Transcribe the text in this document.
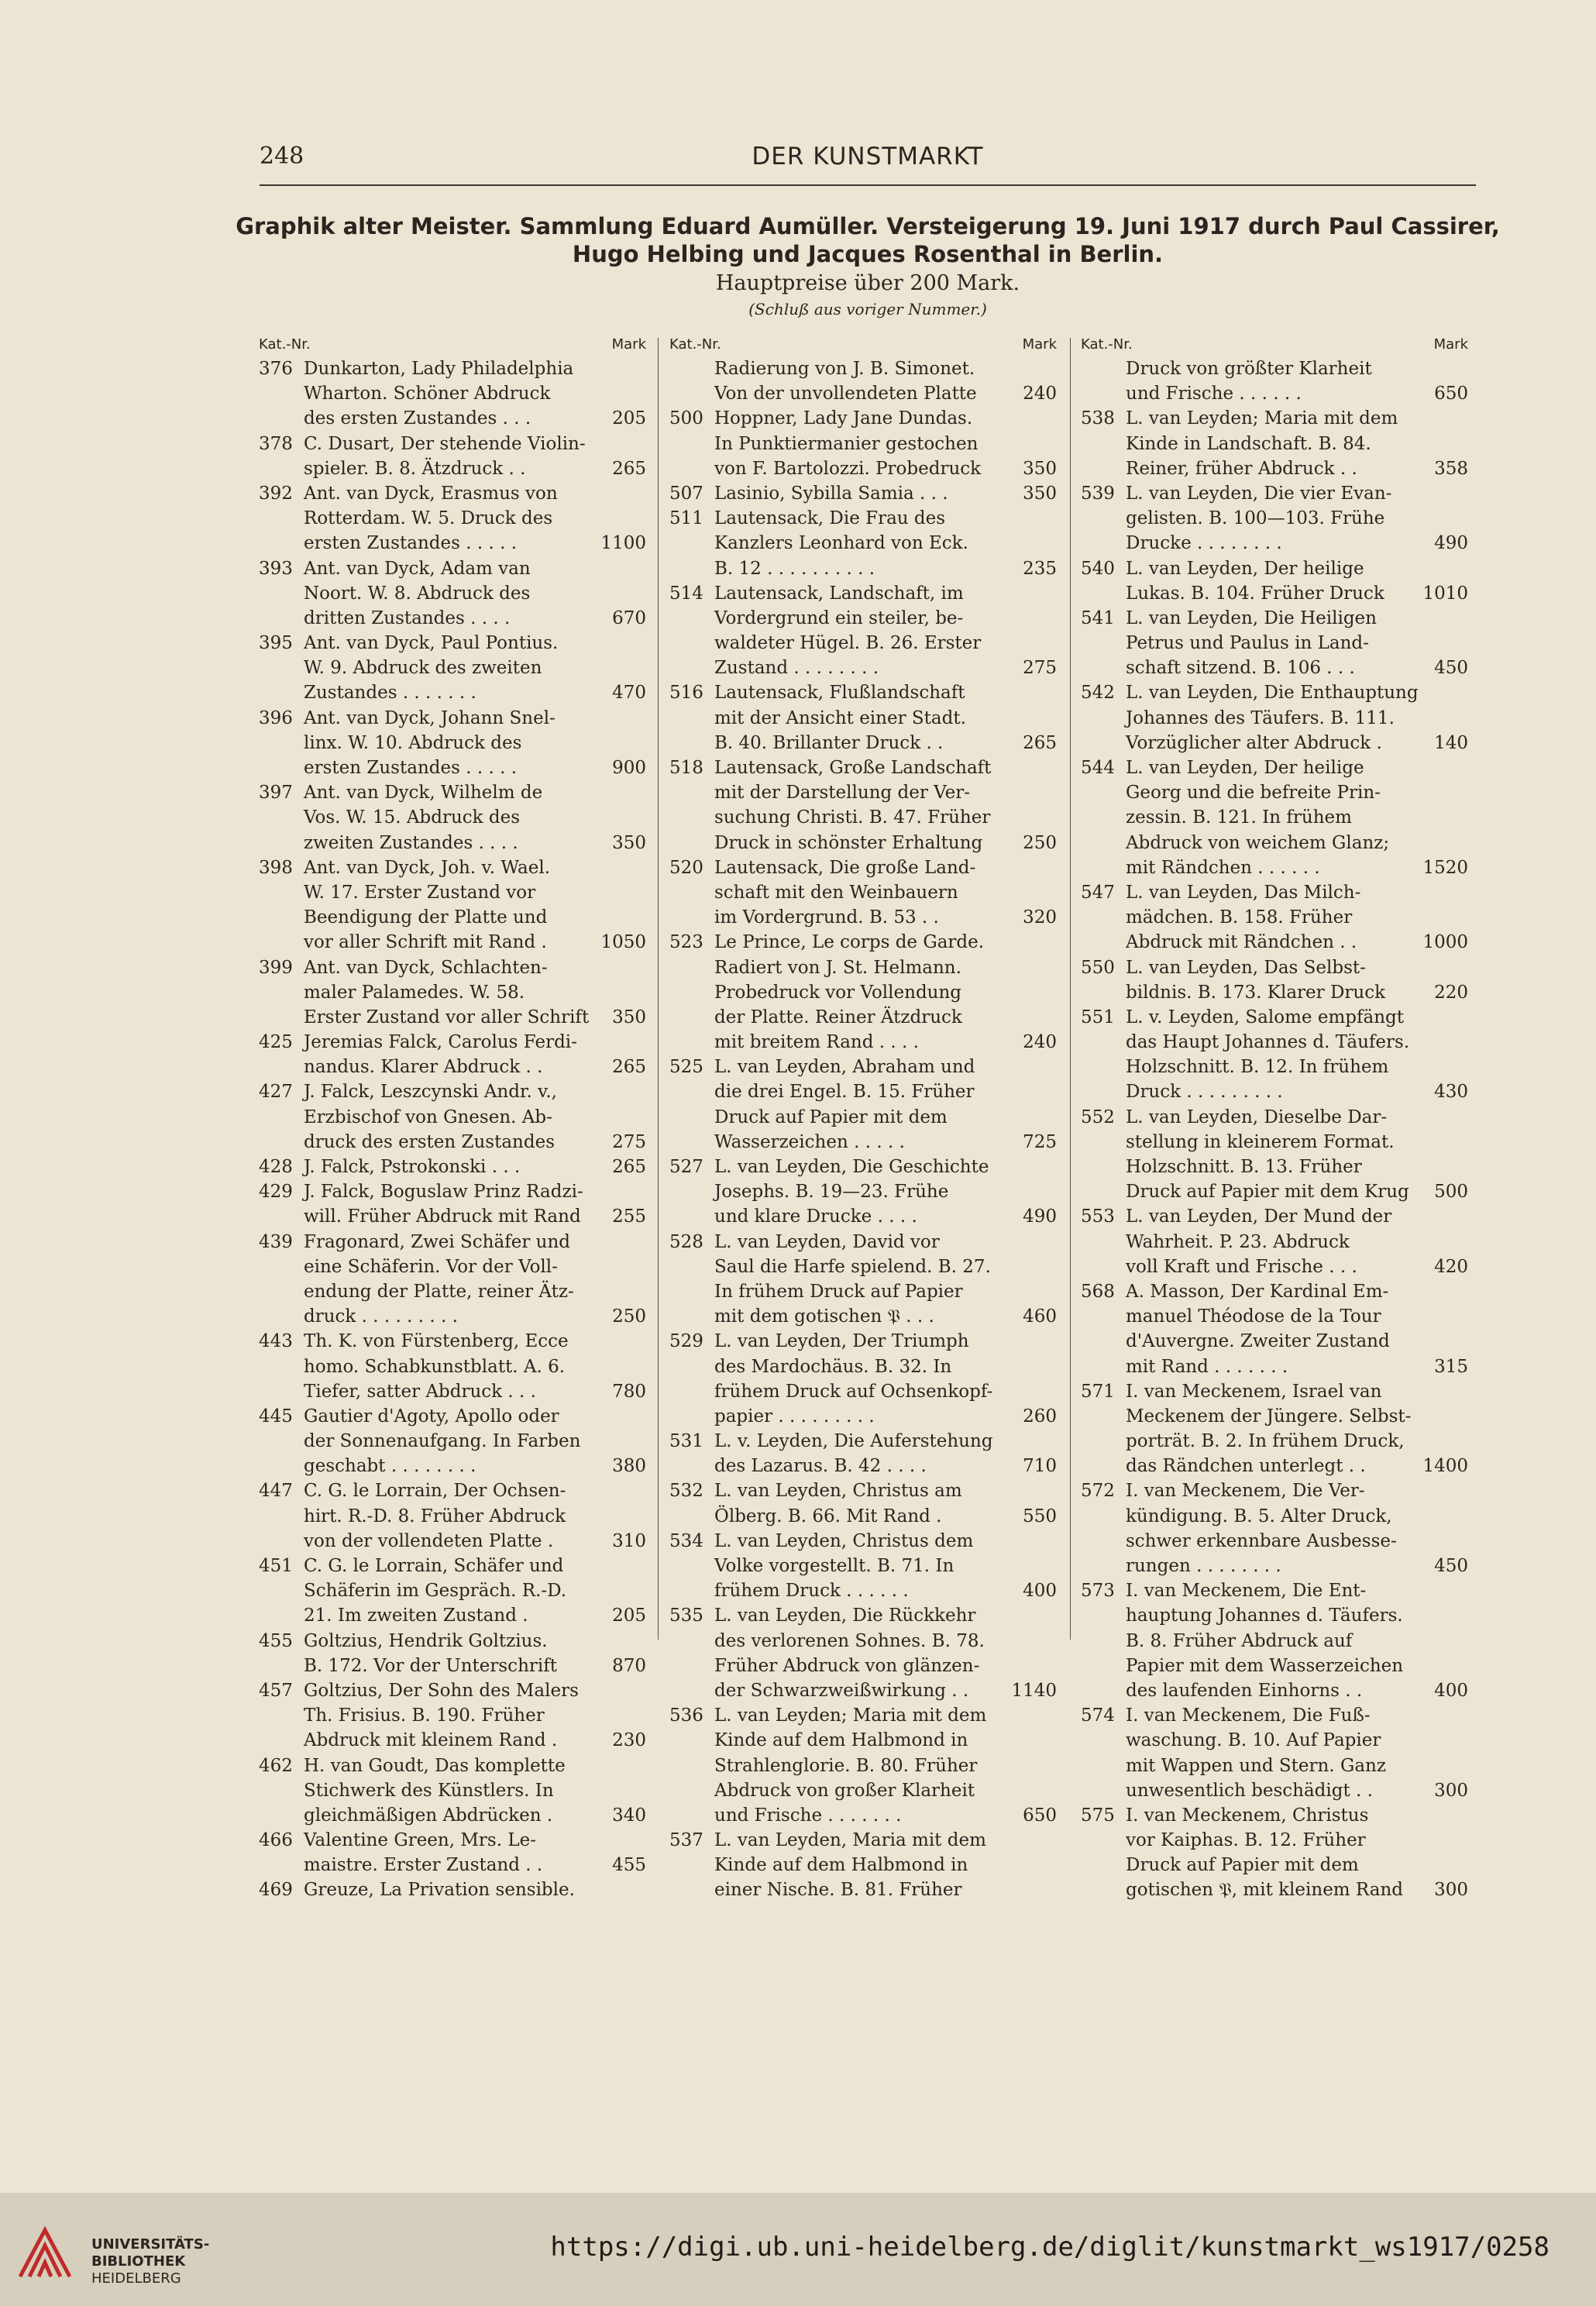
248	DER KUNSTMARKT
Graphik alter Meister. Sammlung Eduard Aumüller. Versteigerung 19. Juni 1917 durch Paul Cassirer,
Hugo Helbing und Jacques Rosenthal in Berlin.
Hauptpreise über 200 Mark.
(Schluß aus voriger Nummer.)
Kat.-Nr.	Mark
376 Dunkarton, Lady Philadelphia
Wharton. Schöner Abdruck
des ersten Zustandes . . .	205
378 C. Dusart, Der stehende Violin-
spieler. B. 8. Ätzdruck . .	265
392 Ant. van Dyck, Erasmus von
Rotterdam. W. 5. Druck des
ersten Zustandes . . . . .	1100
393 Ant. van Dyck, Adam van
Noort. W. 8. Abdruck des
dritten Zustandes . . . .	670
395 Ant. van Dyck, Paul Pontius.
W. 9. Abdruck des zweiten
Zustandes . . . . . . .	470
396 Ant. van Dyck, Johann Snel-
linx. W. 10. Abdruck des
ersten Zustandes . . . . .	900
397 Ant. van Dyck, Wilhelm de
Vos. W. 15. Abdruck des
zweiten Zustandes . . . .	350
398 Ant. van Dyck, Joh. v. Wael.
W. 17. Erster Zustand vor
Beendigung der Platte und
vor aller Schrift mit Rand .	1050
399 Ant. van Dyck, Schlachten-
maler Palamedes. W. 58.
Erster Zustand vor aller Schrift 350
425 Jeremias Falck, Carolus Ferdi-
nandus. Klarer Abdruck . .	265
427 J. Falck, Leszcynski Andr. v.,
Erzbischof von Gnesen. Ab-
druck des ersten Zustandes	275
428 J. Falck, Pstrokonski . . .	265
429 J. Falck, Boguslaw Prinz Radzi-
will. Früher Abdruck mit Rand 255
439 Fragonard, Zwei Schäfer und
eine Schäferin. Vor der Voll-
endung der Platte, reiner Ätz-
druck . . . . . . . . .	250
443 Th. K. von Fürstenberg, Ecce
homo. Schabkunstblatt. A. 6.
Tiefer, satter Abdruck . . .	780
445 Gautier d'Agoty, Apollo oder
der Sonnenaufgang. In Farben
geschabt . . . . . . . .	380
447 C. G. le Lorrain, Der Ochsen-
hirt. R.-D. 8. Früher Abdruck
von der vollendeten Platte .	310
451 C. G. le Lorrain, Schäfer und
Schäferin im Gespräch. R.-D.
21. Im zweiten Zustand .	205
455 Goltzius, Hendrik Goltzius.
B. 172. Vor der Unterschrift	870
457 Goltzius, Der Sohn des Malers
Th. Frisius. B. 190. Früher
Abdruck mit kleinem Rand .	230
462 H. van Goudt, Das komplette
Stichwerk des Künstlers. In
gleichmäßigen Abdrücken .	340
466 Valentine Green, Mrs. Le-
maistre. Erster Zustand . .	455
469 Greuze, La Privation sensible.
Kat.-Nr.	Mark
Radierung von J. B. Simonet.
Von der unvollendeten Platte	240
500 Hoppner, Lady Jane Dundas.
In Punktiermanier gestochen
von F. Bartolozzi. Probedruck 350
507 Lasinio, Sybilla Samia . . .	350
511 Lautensack, Die Frau des
Kanzlers Leonhard von Eck.
B. 12 . . . . . . . . . .	235
514 Lautensack, Landschaft, im
Vordergrund ein steiler, be-
waldeter Hügel. B. 26. Erster
Zustand . . . . . . . .	275
516 Lautensack, Flußlandschaft
mit der Ansicht einer Stadt.
B. 40. Brillanter Druck . .	265
518 Lautensack, Große Landschaft
mit der Darstellung der Ver-
suchung Christi. B. 47. Früher
Druck in schönster Erhaltung 250
520 Lautensack, Die große Land-
schaft mit den Weinbauern
im Vordergrund. B. 53 . .	320
523 Le Prince, Le corps de Garde.
Radiert von J. St. Helmann.
Probedruck vor Vollendung
der Platte. Reiner Ätzdruck
mit breitem Rand . . . .	240
525 L. van Leyden, Abraham und
die drei Engel. B. 15. Früher
Druck auf Papier mit dem
Wasserzeichen . . . . .	725
527 L. van Leyden, Die Geschichte
Josephs. B. 19—23. Frühe
und klare Drucke . . . .	490
528 L. van Leyden, David vor
Saul die Harfe spielend. B. 27.
In frühem Druck auf Papier
mit dem gotischen 𝔓 . . .	460
529 L. van Leyden, Der Triumph
des Mardochäus. B. 32. In
frühem Druck auf Ochsenkopf-
papier . . . . . . . . .	260
531 L. v. Leyden, Die Auferstehung
des Lazarus. B. 42 . . . .	710
532 L. van Leyden, Christus am
Ölberg. B. 66. Mit Rand .	550
534 L. van Leyden, Christus dem
Volke vorgestellt. B. 71. In
frühem Druck . . . . . .	400
535 L. van Leyden, Die Rückkehr
des verlorenen Sohnes. B. 78.
Früher Abdruck von glänzen-
der Schwarzweißwirkung . . 1140
536 L. van Leyden; Maria mit dem
Kinde auf dem Halbmond in
Strahlenglorie. B. 80. Früher
Abdruck von großer Klarheit
und Frische . . . . . . .	650
537 L. van Leyden, Maria mit dem
Kinde auf dem Halbmond in
einer Nische. B. 81. Früher
Kat.-Nr.	Mark
Druck von größter Klarheit
und Frische . . . . . .	650
538 L. van Leyden; Maria mit dem
Kinde in Landschaft. B. 84.
Reiner, früher Abdruck . .	358
539 L. van Leyden, Die vier Evan-
gelisten. B. 100—103. Frühe
Drucke . . . . . . . .	490
540 L. van Leyden, Der heilige
Lukas. B. 104. Früher Druck 1010
541 L. van Leyden, Die Heiligen
Petrus und Paulus in Land-
schaft sitzend. B. 106 . . .	450
542 L. van Leyden, Die Enthauptung
Johannes des Täufers. B. 111.
Vorzüglicher alter Abdruck .	140
544 L. van Leyden, Der heilige
Georg und die befreite Prin-
zessin. B. 121. In frühem
Abdruck von weichem Glanz;
mit Rändchen . . . . . .	1520
547 L. van Leyden, Das Milch-
mädchen. B. 158. Früher
Abdruck mit Rändchen . .	1000
550 L. van Leyden, Das Selbst-
bildnis. B. 173. Klarer Druck	220
551 L. v. Leyden, Salome empfängt
das Haupt Johannes d. Täufers.
Holzschnitt. B. 12. In frühem
Druck . . . . . . . . .	430
552 L. van Leyden, Dieselbe Dar-
stellung in kleinerem Format.
Holzschnitt. B. 13. Früher
Druck auf Papier mit dem Krug 500
553 L. van Leyden, Der Mund der
Wahrheit. P. 23. Abdruck
voll Kraft und Frische . . .	420
568 A. Masson, Der Kardinal Em-
manuel Théodose de la Tour
d'Auvergne. Zweiter Zustand
mit Rand . . . . . . .	315
571 I. van Meckenem, Israel van
Meckenem der Jüngere. Selbst-
porträt. B. 2. In frühem Druck,
das Rändchen unterlegt . .	1400
572 I. van Meckenem, Die Ver-
kündigung. B. 5. Alter Druck,
schwer erkennbare Ausbesse-
rungen . . . . . . . .	450
573 I. van Meckenem, Die Ent-
hauptung Johannes d. Täufers.
B. 8. Früher Abdruck auf
Papier mit dem Wasserzeichen
des laufenden Einhorns . .	400
574 I. van Meckenem, Die Fuß-
waschung. B. 10. Auf Papier
mit Wappen und Stern. Ganz
unwesentlich beschädigt . .	300
575 I. van Meckenem, Christus
vor Kaiphas. B. 12. Früher
Druck auf Papier mit dem
gotischen 𝔓, mit kleinem Rand 300
UNIVERSITÄTS-
BIBLIOTHEK
HEIDELBERG
https://digi.ub.uni-heidelberg.de/diglit/kunstmarkt_ws1917/0258
